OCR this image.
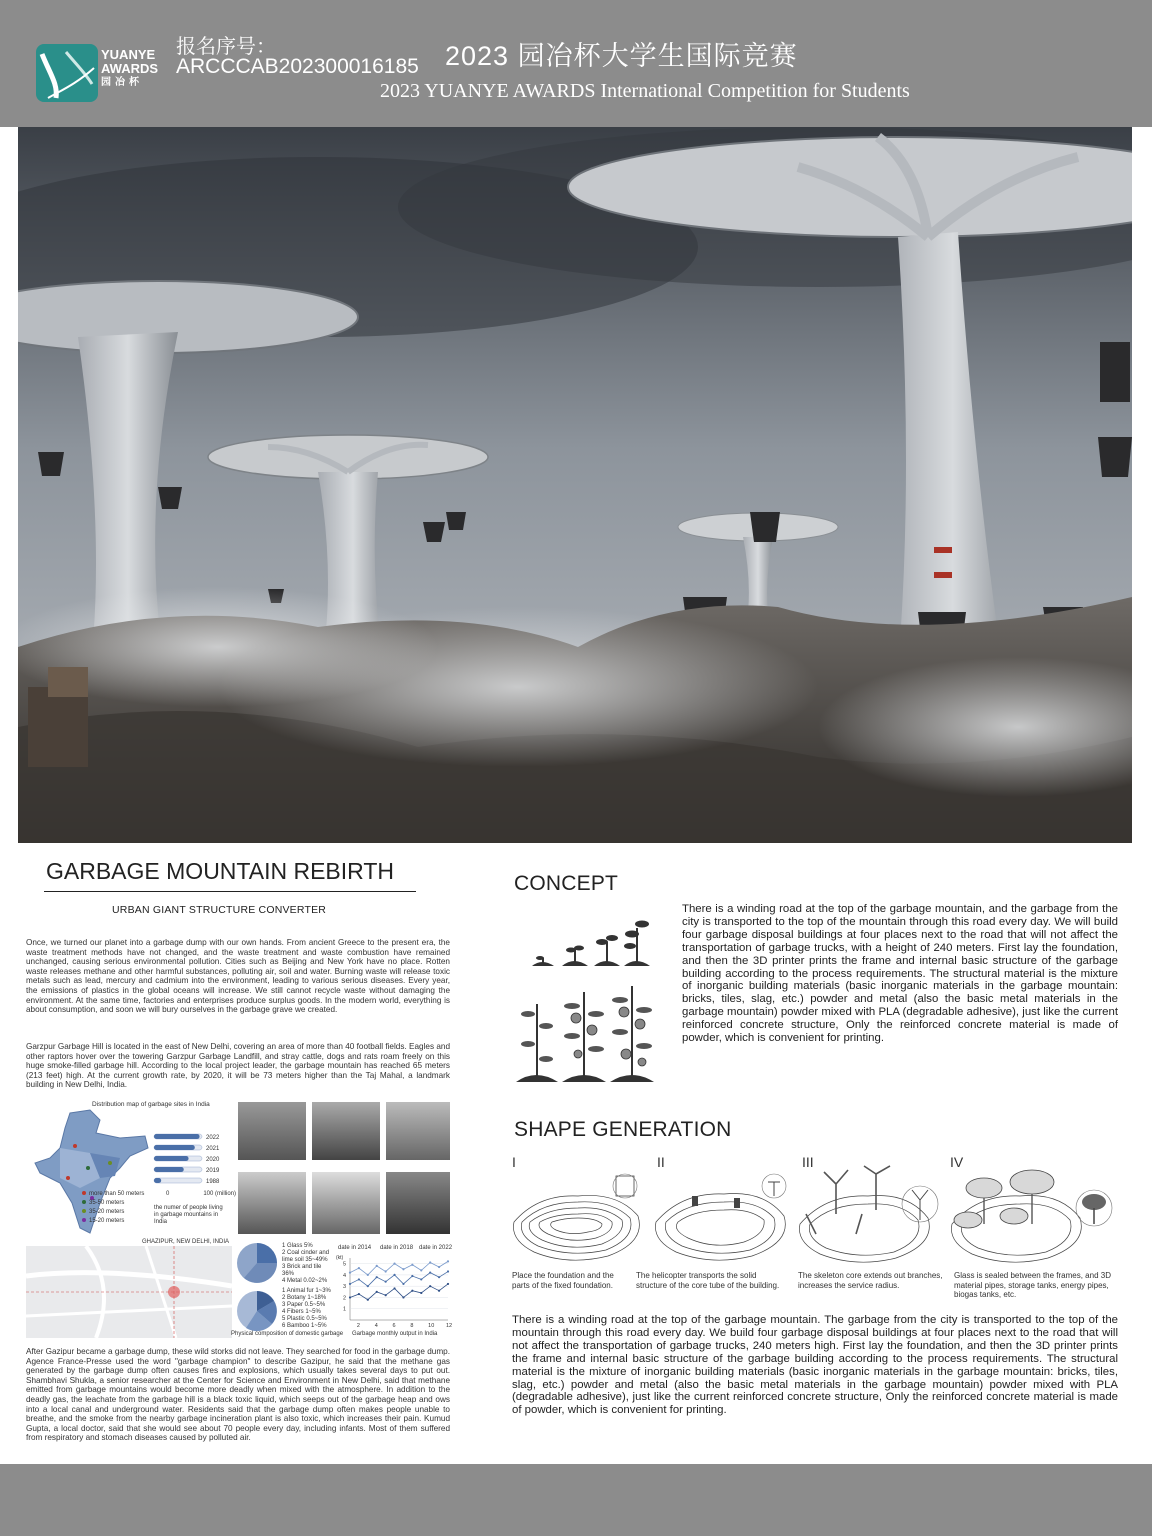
YUANYE
AWARDS
园冶杯
报名序号：
ARCCCAB202300016185 2023 园冶杯大学生国际竞赛
2023 YUANYE AWARDS International Competition for Students
GARBAGE MOUNTAIN REBIRTH
URBAN GIANT STRUCTURE CONVERTER
Once, we turned our planet into a garbage dump with our own hands. From ancient Greece to the present era, the waste treatment methods have not changed, and the waste treatment and waste combustion have remained unchanged, causing serious environmental pollution. Cities such as Beijing and New York have no place. Rotten waste releases methane and other harmful substances, polluting air, soil and water. Burning waste will release toxic metals such as lead, mercury and cadmium into the environment, leading to various serious diseases. Every year, the emissions of plastics in the global oceans will increase. We still cannot recycle waste without damaging the environment. At the same time, factories and enterprises produce surplus goods. In the modern world, everything is about consumption, and soon we will bury ourselves in the garbage grave we created.
Garzpur Garbage Hill is located in the east of New Delhi, covering an area of more than 40 football fields. Eagles and other raptors hover over the towering Garzpur Garbage Landfill, and stray cattle, dogs and rats roam freely on this huge smoke-filled garbage hill. According to the local project leader, the garbage mountain has reached 65 meters (213 feet) high. At the current growth rate, by 2020, it will be 73 meters higher than the Taj Mahal, a landmark building in New Delhi, India.
Distribution map of garbage sites in India
more than 50 meters
35-50 meters
35-20 meters
15-20 meters
2022
2021
2020
2019
1988
0	100 (million)
the numer of people living in garbage mountains in India
GHAZIPUR, NEW DELHI, INDIA
1 Glass 5%
2 Coal cinder and lime soil 35~49%
3 Brick and tile 36%
4 Metal 0.02~2%
1 Animal fur 1~3%
2 Botany 1~18%
3 Paper 0.5~5%
4 Fibers 1~5%
5 Plastic 0.5~5%
6 Bamboo 1~5%
Physical composition of domestic garbage
date in 2014 date in 2018 date in 2022
(kt)
1
2
3
4
5
2	4	6	8	10 12
Garbage monthly output in India
After Gazipur became a garbage dump, these wild storks did not leave. They searched for food in the garbage dump. Agence France-Presse used the word "garbage champion" to describe Gazipur, he said that the methane gas generated by the garbage dump often causes fires and explosions, which usually takes several days to put out. Shambhavi Shukla, a senior researcher at the Center for Science and Environment in New Delhi, said that methane emitted from garbage mountains would become more deadly when mixed with the atmosphere. In addition to the deadly gas, the leachate from the garbage hill is a black toxic liquid, which seeps out of the garbage heap and ows into a local canal and underground water. Residents said that the garbage dump often makes people unable to breathe, and the smoke from the nearby garbage incineration plant is also toxic, which increases their pain. Kumud Gupta, a local doctor, said that she would see about 70 people every day, including infants. Most of them suffered from respiratory and stomach diseases caused by polluted air.
CONCEPT
There is a winding road at the top of the garbage mountain, and the garbage from the city is transported to the top of the mountain through this road every day. We will build four garbage disposal buildings at four places next to the road that will not affect the transportation of garbage trucks, with a height of 240 meters. First lay the foundation, and then the 3D printer prints the frame and internal basic structure of the garbage building according to the process requirements. The structural material is the mixture of inorganic building materials (basic inorganic materials in the garbage mountain: bricks, tiles, slag, etc.) powder and metal (also the basic metal materials in the garbage mountain) powder mixed with PLA (degradable adhesive), just like the current reinforced concrete structure, Only the reinforced concrete material is made of powder, which is convenient for printing.
SHAPE GENERATION
I	II	III	IV
Place the foundation and the parts of the fixed foundation.
The helicopter transports the solid structure of the core tube of the building.
The skeleton core extends out branches, increases the service radius.
Glass is sealed between the frames, and 3D material pipes, storage tanks, energy pipes, biogas tanks, etc.
There is a winding road at the top of the garbage mountain. The garbage from the city is transported to the top of the mountain through this road every day. We build four garbage disposal buildings at four places next to the road that will not affect the transportation of garbage trucks, 240 meters high. First lay the foundation, and then the 3D printer prints the frame and internal basic structure of the garbage building according to the process requirements. The structural material is the mixture of inorganic building materials (basic inorganic materials in the garbage mountain: bricks, tiles, slag, etc.) powder and metal (also the basic metal materials in the garbage mountain) powder mixed with PLA (degradable adhesive), just like the current reinforced concrete structure, Only the reinforced concrete material is made of powder, which is convenient for printing.
